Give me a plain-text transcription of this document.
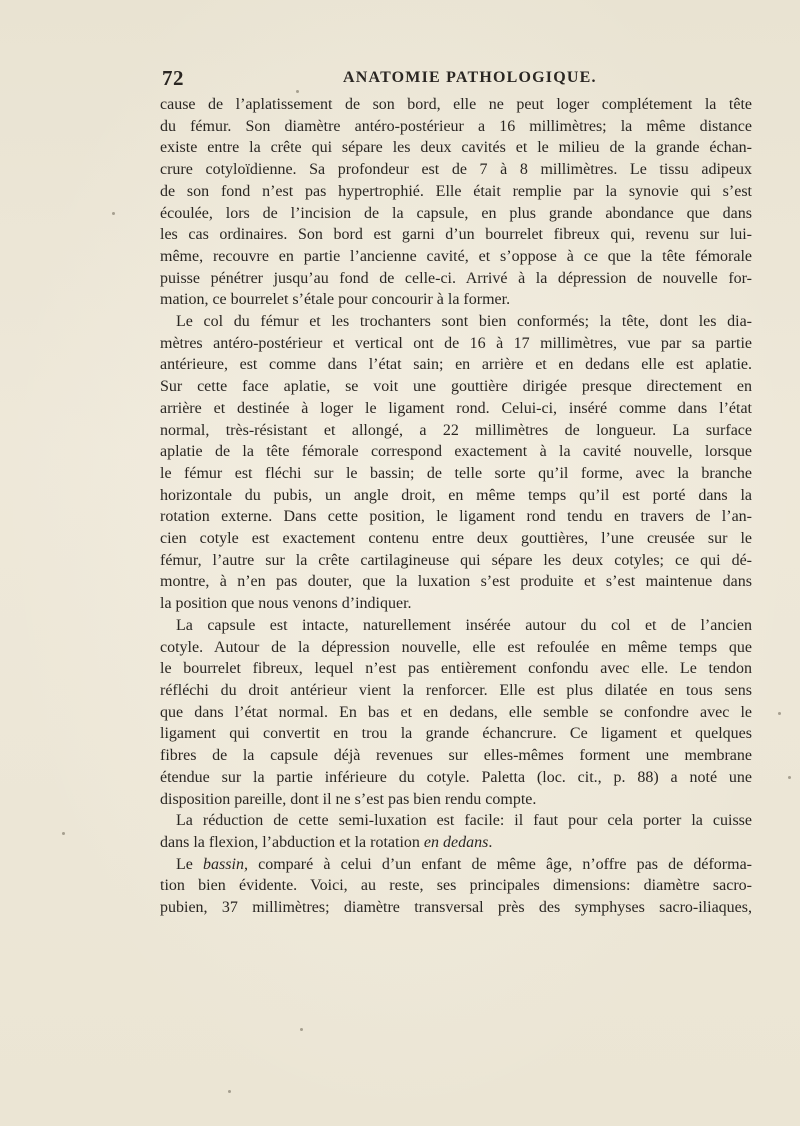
72	ANATOMIE PATHOLOGIQUE.

cause de l’aplatissement de son bord, elle ne peut loger complétement la tête
du fémur. Son diamètre antéro-postérieur a 16 millimètres; la même distance
existe entre la crête qui sépare les deux cavités et le milieu de la grande échan-
crure cotyloïdienne. Sa profondeur est de 7 à 8 millimètres. Le tissu adipeux
de son fond n’est pas hypertrophié. Elle était remplie par la synovie qui s’est
écoulée, lors de l’incision de la capsule, en plus grande abondance que dans
les cas ordinaires. Son bord est garni d’un bourrelet fibreux qui, revenu sur lui-
même, recouvre en partie l’ancienne cavité, et s’oppose à ce que la tête fémorale
puisse pénétrer jusqu’au fond de celle-ci. Arrivé à la dépression de nouvelle for-
mation, ce bourrelet s’étale pour concourir à la former.

Le col du fémur et les trochanters sont bien conformés; la tête, dont les dia-
mètres antéro-postérieur et vertical ont de 16 à 17 millimètres, vue par sa partie
antérieure, est comme dans l’état sain; en arrière et en dedans elle est aplatie.
Sur cette face aplatie, se voit une gouttière dirigée presque directement en
arrière et destinée à loger le ligament rond. Celui-ci, inséré comme dans l’état
normal, très-résistant et allongé, a 22 millimètres de longueur. La surface
aplatie de la tête fémorale correspond exactement à la cavité nouvelle, lorsque
le fémur est fléchi sur le bassin; de telle sorte qu’il forme, avec la branche
horizontale du pubis, un angle droit, en même temps qu’il est porté dans la
rotation externe. Dans cette position, le ligament rond tendu en travers de l’an-
cien cotyle est exactement contenu entre deux gouttières, l’une creusée sur le
fémur, l’autre sur la crête cartilagineuse qui sépare les deux cotyles; ce qui dé-
montre, à n’en pas douter, que la luxation s’est produite et s’est maintenue dans
la position que nous venons d’indiquer.

La capsule est intacte, naturellement insérée autour du col et de l’ancien
cotyle. Autour de la dépression nouvelle, elle est refoulée en même temps que
le bourrelet fibreux, lequel n’est pas entièrement confondu avec elle. Le tendon
réfléchi du droit antérieur vient la renforcer. Elle est plus dilatée en tous sens
que dans l’état normal. En bas et en dedans, elle semble se confondre avec le
ligament qui convertit en trou la grande échancrure. Ce ligament et quelques
fibres de la capsule déjà revenues sur elles-mêmes forment une membrane
étendue sur la partie inférieure du cotyle. Paletta (loc. cit., p. 88) a noté une
disposition pareille, dont il ne s’est pas bien rendu compte.

La réduction de cette semi-luxation est facile: il faut pour cela porter la cuisse
dans la flexion, l’abduction et la rotation en dedans.

Le bassin, comparé à celui d’un enfant de même âge, n’offre pas de déforma-
tion bien évidente. Voici, au reste, ses principales dimensions: diamètre sacro-
pubien, 37 millimètres; diamètre transversal près des symphyses sacro-iliaques,
